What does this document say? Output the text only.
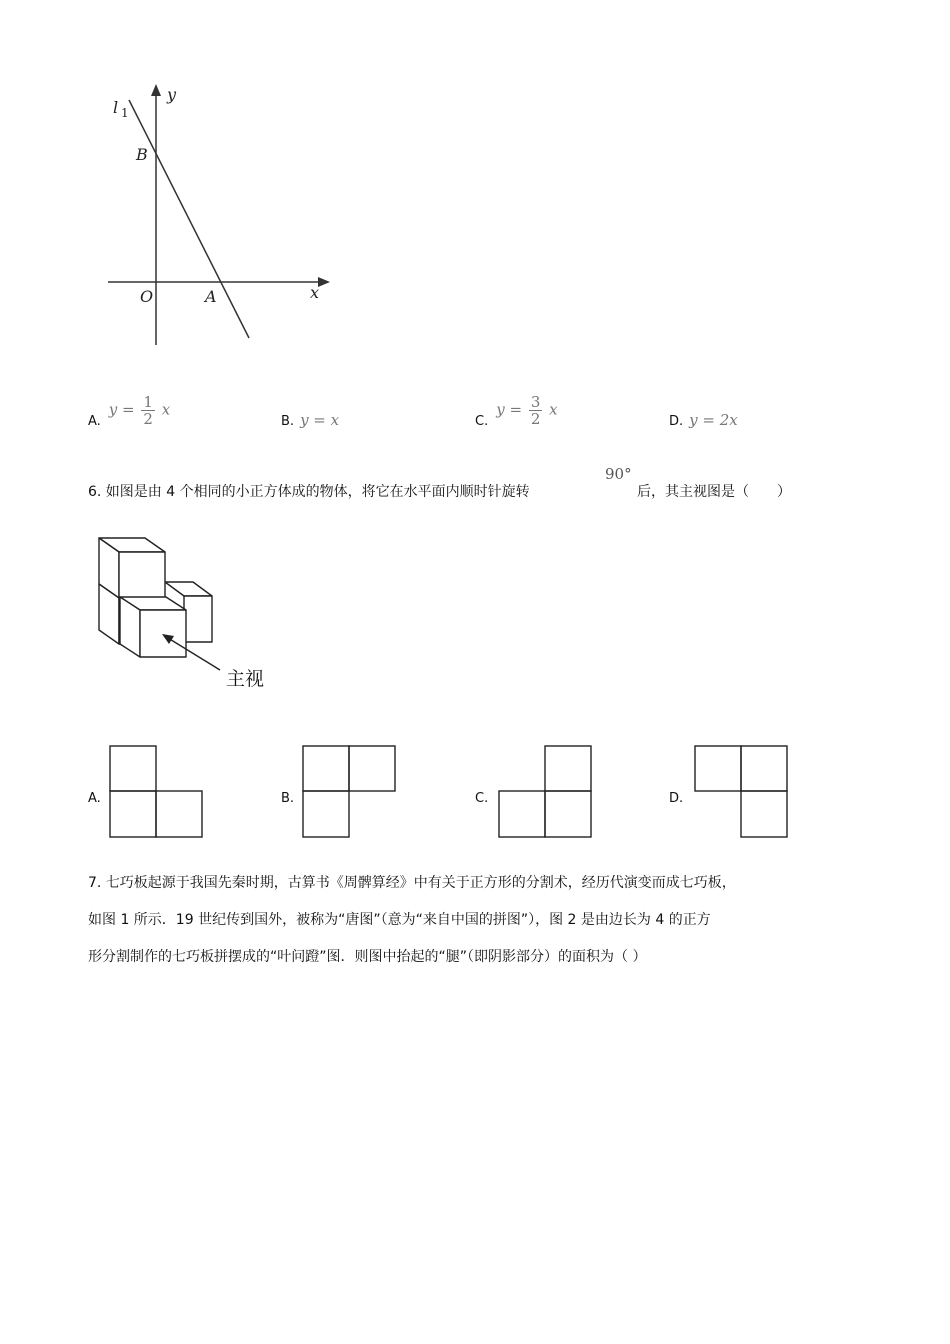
y
x
l 1
B
O	A
A.
$y = \frac{1}{2}$ x
B. y = x	C.
$y = \frac{3}{2}$ x
D. y = 2x
6. 如图是由 4 个相同的小正方体成的物体，将它在水平面内顺时针旋转
90°
后，其主视图是（　　）
主视
A.	B.	C.	D.
7. 七巧板起源于我国先秦时期，古算书《周髀算经》中有关于正方形的分割术，经历代演变而成七巧板，
如图 1 所示．19 世纪传到国外，被称为“唐图”（意为“来自中国的拼图”），图 2 是由边长为 4 的正方
形分割制作的七巧板拼摆成的“叶问蹬”图．则图中抬起的“腿”（即阴影部分）的面积为（ ）
